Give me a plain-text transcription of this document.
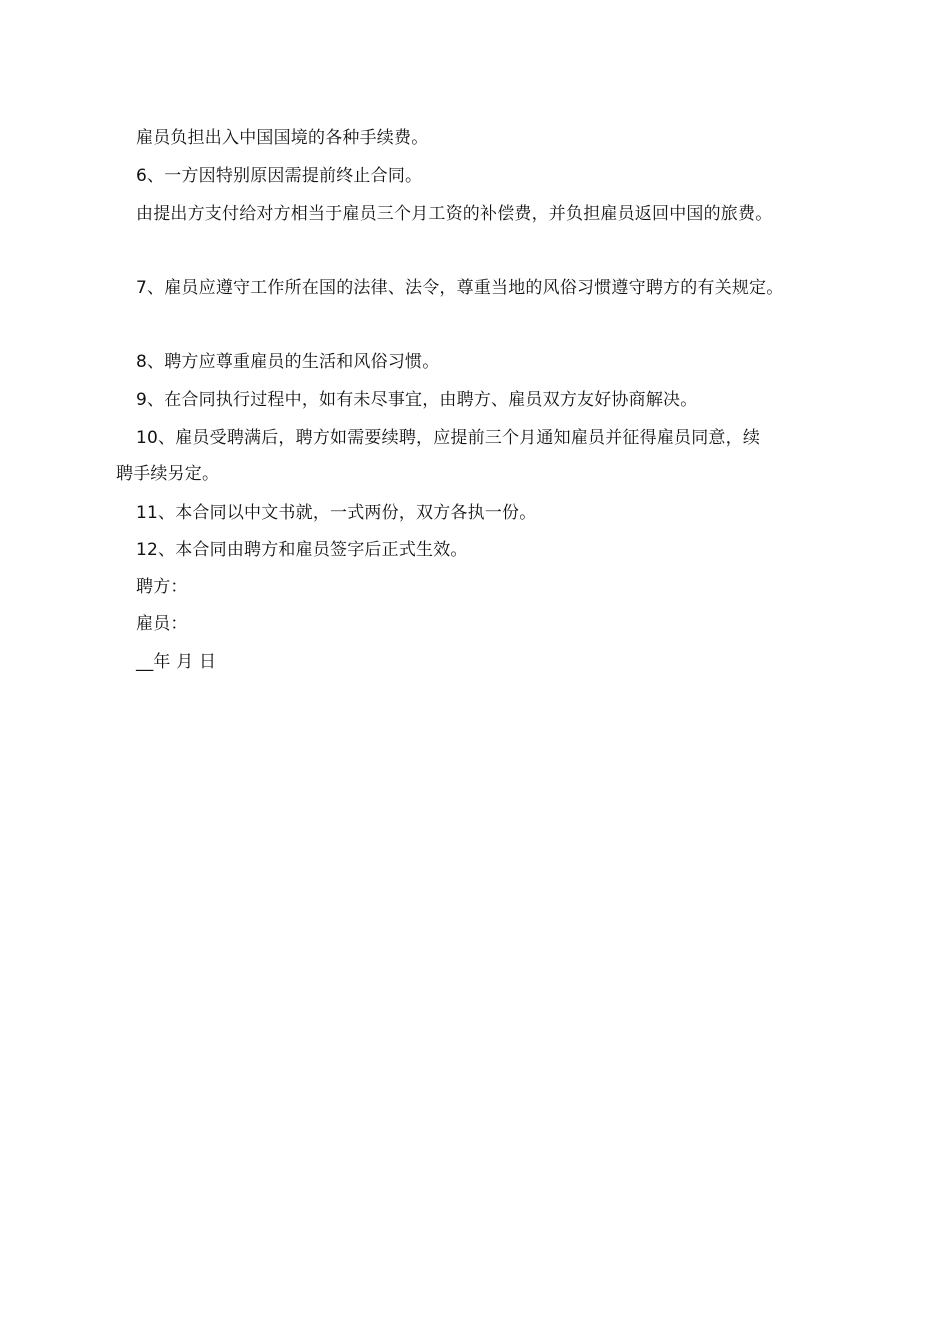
雇员负担出入中国国境的各种手续费。
6、一方因特别原因需提前终止合同。
由提出方支付给对方相当于雇员三个月工资的补偿费，并负担雇员返回中国的旅费。
7、雇员应遵守工作所在国的法律、法令，尊重当地的风俗习惯遵守聘方的有关规定。
8、聘方应尊重雇员的生活和风俗习惯。
9、在合同执行过程中，如有未尽事宜，由聘方、雇员双方友好协商解决。
10、雇员受聘满后，聘方如需要续聘，应提前三个月通知雇员并征得雇员同意，续
聘手续另定。
11、本合同以中文书就，一式两份，双方各执一份。
12、本合同由聘方和雇员签字后正式生效。
聘方：
雇员：
__年 月 日
